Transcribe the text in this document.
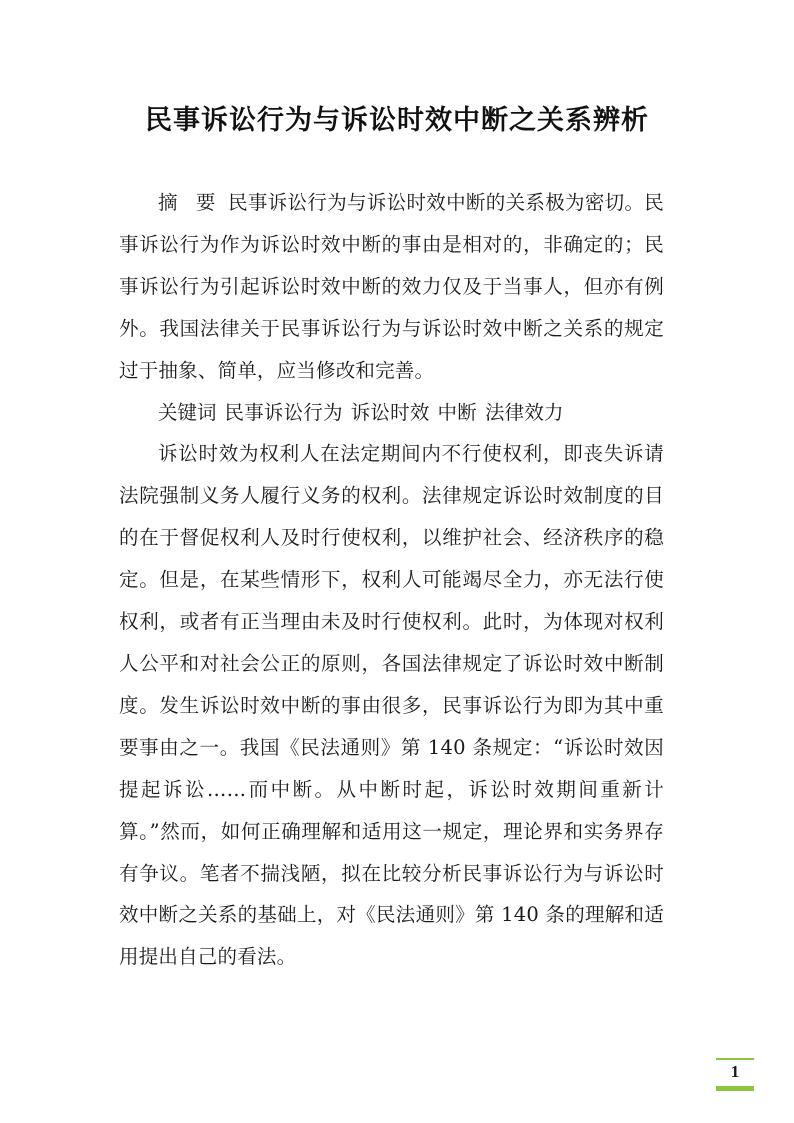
民事诉讼行为与诉讼时效中断之关系辨析

摘 要 民事诉讼行为与诉讼时效中断的关系极为密切。民事诉讼行为作为诉讼时效中断的事由是相对的，非确定的；民事诉讼行为引起诉讼时效中断的效力仅及于当事人，但亦有例外。我国法律关于民事诉讼行为与诉讼时效中断之关系的规定过于抽象、简单，应当修改和完善。

关键词 民事诉讼行为 诉讼时效 中断 法律效力

诉讼时效为权利人在法定期间内不行使权利，即丧失诉请法院强制义务人履行义务的权利。法律规定诉讼时效制度的目的在于督促权利人及时行使权利，以维护社会、经济秩序的稳定。但是，在某些情形下，权利人可能竭尽全力，亦无法行使权利，或者有正当理由未及时行使权利。此时，为体现对权利人公平和对社会公正的原则，各国法律规定了诉讼时效中断制度。发生诉讼时效中断的事由很多，民事诉讼行为即为其中重要事由之一。我国《民法通则》第 140 条规定：“诉讼时效因提起诉讼……而中断。从中断时起，诉讼时效期间重新计算。”然而，如何正确理解和适用这一规定，理论界和实务界存有争议。笔者不揣浅陋，拟在比较分析民事诉讼行为与诉讼时效中断之关系的基础上，对《民法通则》第 140 条的理解和适用提出自己的看法。

1
